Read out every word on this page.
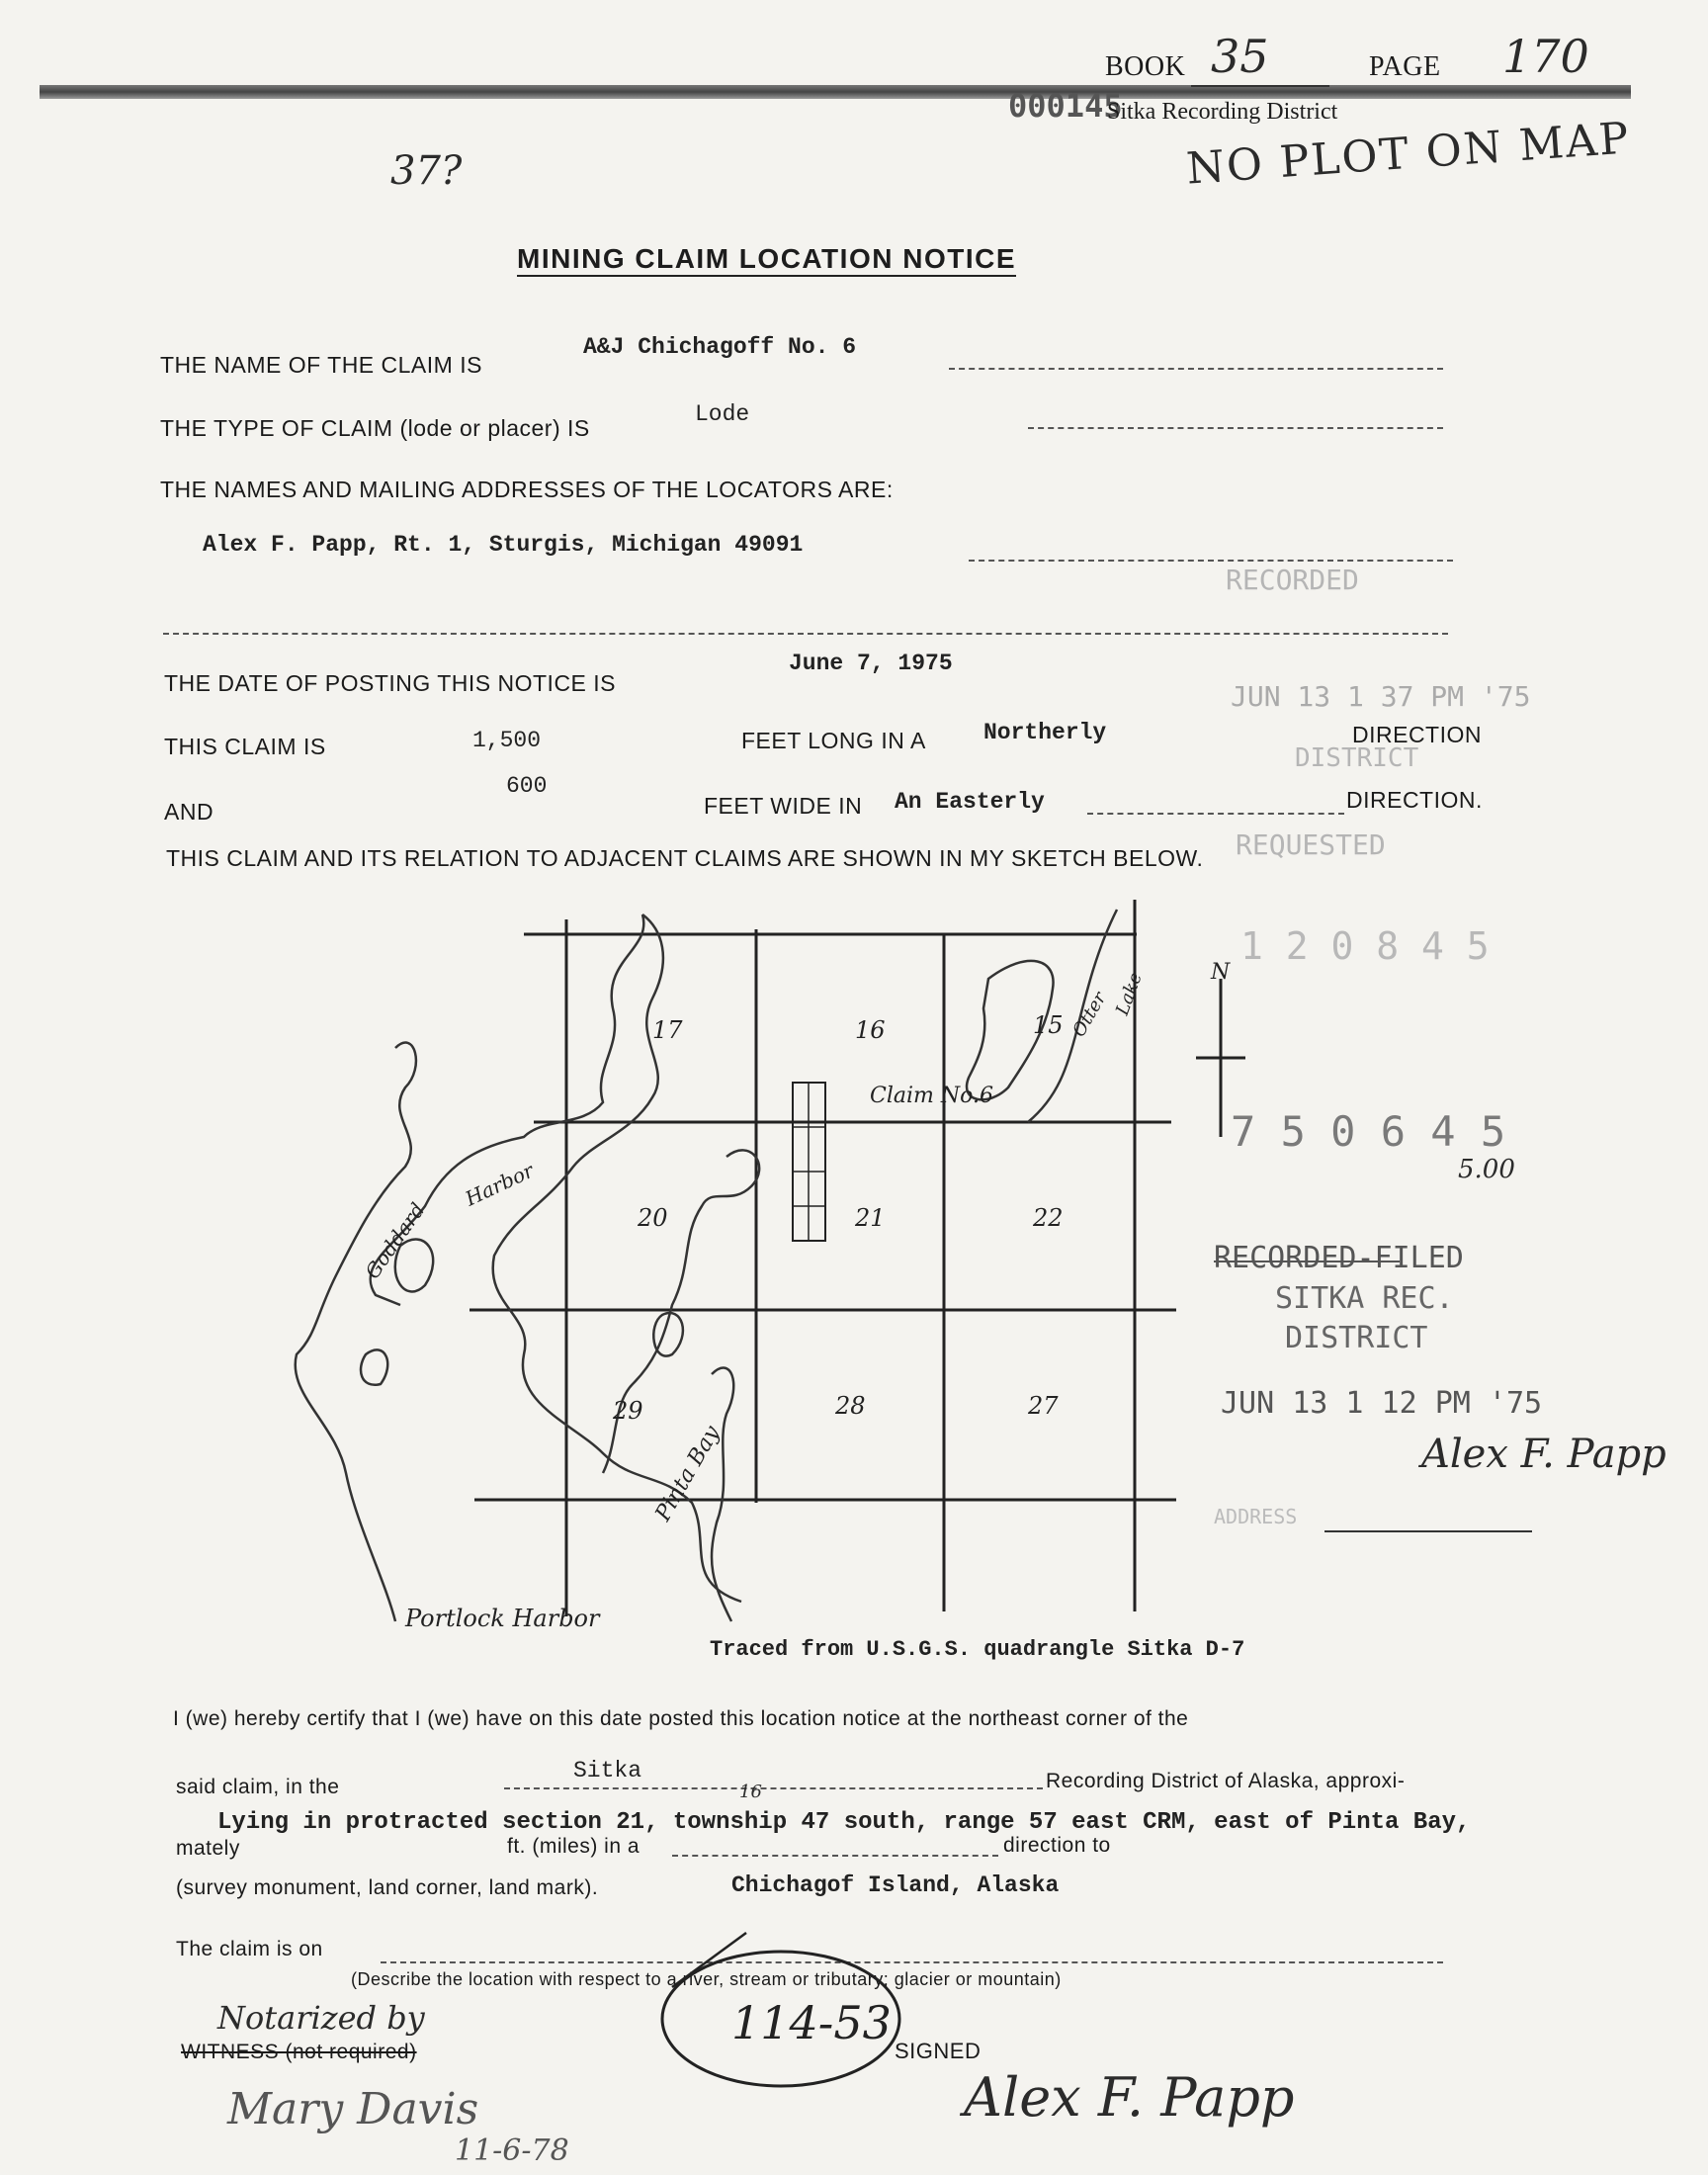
BOOK 35	PAGE 170
000145
Sitka Recording District
37?	NO PLOT ON MAP
MINING CLAIM LOCATION NOTICE
THE NAME OF THE CLAIM IS
A&J Chichagoff No. 6
THE TYPE OF CLAIM (lode or placer) IS
Lode
THE NAMES AND MAILING ADDRESSES OF THE LOCATORS ARE:
Alex F. Papp, Rt. 1, Sturgis, Michigan 49091
THE DATE OF POSTING THIS NOTICE IS
June 7, 1975
THIS CLAIM IS	1,500	FEET LONG IN A	Northerly	DIRECTION
AND
600
FEET WIDE IN An Easterly	DIRECTION.
THIS CLAIM AND ITS RELATION TO ADJACENT CLAIMS ARE SHOWN IN MY SKETCH BELOW.
17	16	15
20	21	22
29	28	27
Claim No.6
Goddard
Harbor
Otter Lake
Pinta Bay
Portlock Harbor
N
Traced from U.S.G.S. quadrangle Sitka D-7
RECORDED
JUN 13 1 37 PM '75
DISTRICT
REQUESTED
1 2 0 8 4 5
7 5 0 6 4 5
5.00
RECORDED-FILED
SITKA REC.
DISTRICT
JUN 13 1 12 PM '75
Alex F. Papp
ADDRESS
I (we) hereby certify that I (we) have on this date posted this location notice at the northeast corner of the
said claim, in the
Sitka	Recording District of Alaska, approxi-
16
Lying in protracted section 21, township 47 south, range 57 east CRM, east of Pinta Bay,
mately	ft. (miles) in a	direction to
(survey monument, land corner, land mark).	Chichagof Island, Alaska
The claim is on
(Describe the location with respect to a river, stream or tributary; glacier or mountain)
Notarized by
WITNESS (not required)
Mary Davis
11-6-78
114-53
SIGNED
Alex F. Papp
